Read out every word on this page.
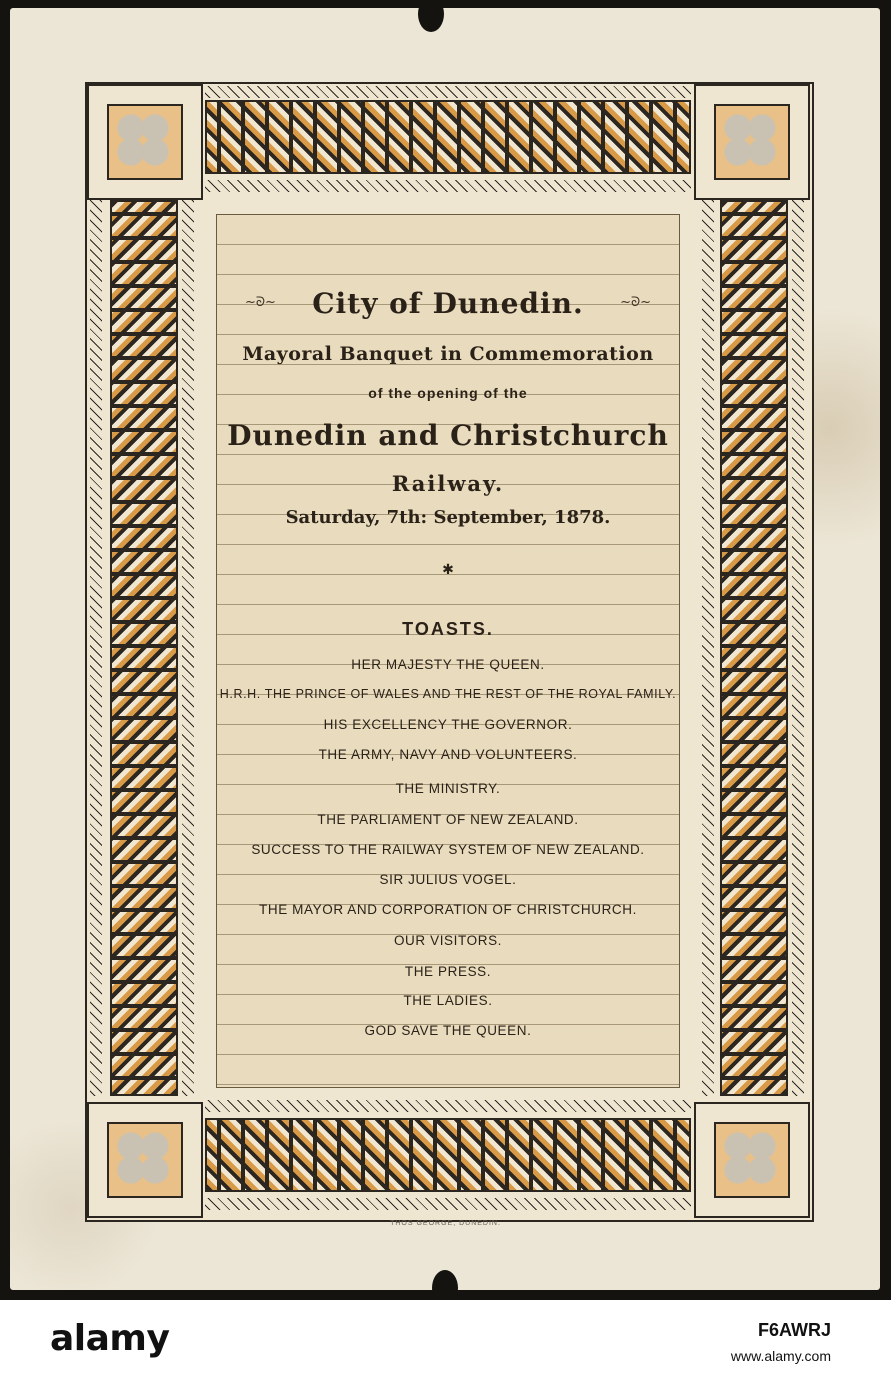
~ᘐ~	~ᘐ~
City of Dunedin.
Mayoral Banquet in Commemoration
of the opening of the
Dunedin and Christchurch
Railway.
Saturday, 7th: September, 1878.
✱
TOASTS.
HER MAJESTY THE QUEEN.
H.R.H. THE PRINCE OF WALES AND THE REST OF THE ROYAL FAMILY.
HIS EXCELLENCY THE GOVERNOR.
THE ARMY, NAVY AND VOLUNTEERS.
THE MINISTRY.
THE PARLIAMENT OF NEW ZEALAND.
SUCCESS TO THE RAILWAY SYSTEM OF NEW ZEALAND.
SIR JULIUS VOGEL.
THE MAYOR AND CORPORATION OF CHRISTCHURCH.
OUR VISITORS.
THE PRESS.
THE LADIES.
GOD SAVE THE QUEEN.
THOS GEORGE, DUNEDIN.
alamy	F6AWRJ
www.alamy.com
